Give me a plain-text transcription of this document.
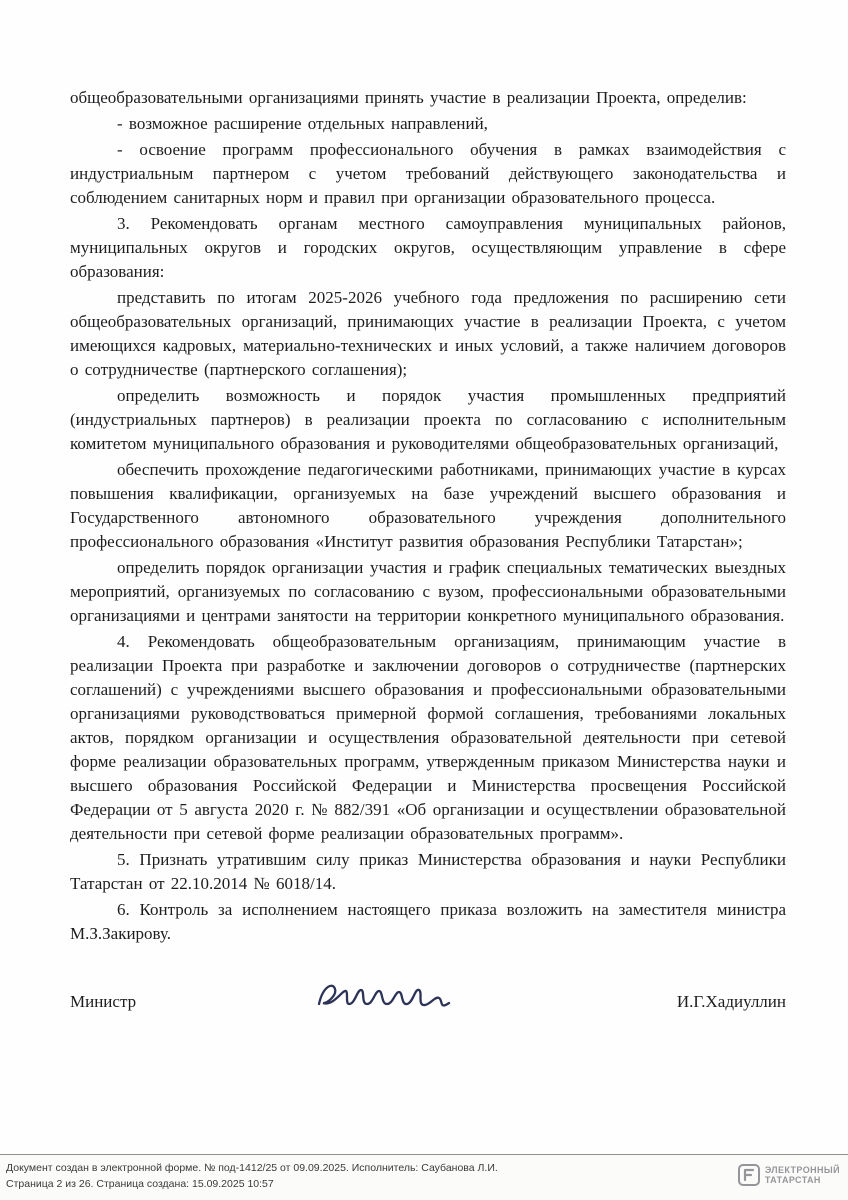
общеобразовательными организациями принять участие в реализации Проекта, определив:

- возможное расширение отдельных направлений,

- освоение программ профессионального обучения в рамках взаимодействия с индустриальным партнером с учетом требований действующего законодательства и соблюдением санитарных норм и правил при организации образовательного процесса.

3. Рекомендовать органам местного самоуправления муниципальных районов, муниципальных округов и городских округов, осуществляющим управление в сфере образования:

представить по итогам 2025-2026 учебного года предложения по расширению сети общеобразовательных организаций, принимающих участие в реализации Проекта, с учетом имеющихся кадровых, материально-технических и иных условий, а также наличием договоров о сотрудничестве (партнерского соглашения);

определить возможность и порядок участия промышленных предприятий (индустриальных партнеров) в реализации проекта по согласованию с исполнительным комитетом муниципального образования и руководителями общеобразовательных организаций,

обеспечить прохождение педагогическими работниками, принимающих участие в курсах повышения квалификации, организуемых на базе учреждений высшего образования и Государственного автономного образовательного учреждения дополнительного профессионального образования «Институт развития образования Республики Татарстан»;

определить порядок организации участия и график специальных тематических выездных мероприятий, организуемых по согласованию с вузом, профессиональными образовательными организациями и центрами занятости на территории конкретного муниципального образования.

4. Рекомендовать общеобразовательным организациям, принимающим участие в реализации Проекта при разработке и заключении договоров о сотрудничестве (партнерских соглашений) с учреждениями высшего образования и профессиональными образовательными организациями руководствоваться примерной формой соглашения, требованиями локальных актов, порядком организации и осуществления образовательной деятельности при сетевой форме реализации образовательных программ, утвержденным приказом Министерства науки и высшего образования Российской Федерации и Министерства просвещения Российской Федерации от 5 августа 2020 г. № 882/391 «Об организации и осуществлении образовательной деятельности при сетевой форме реализации образовательных программ».

5. Признать утратившим силу приказ Министерства образования и науки Республики Татарстан от 22.10.2014 № 6018/14.

6. Контроль за исполнением настоящего приказа возложить на заместителя министра М.З.Закирову.

Министр	И.Г.Хадиуллин
Документ создан в электронной форме. № под-1412/25 от 09.09.2025. Исполнитель: Саубанова Л.И.
Страница 2 из 26. Страница создана: 15.09.2025 10:57
ЭЛЕКТРОННЫЙ
ТАТАРСТАН
